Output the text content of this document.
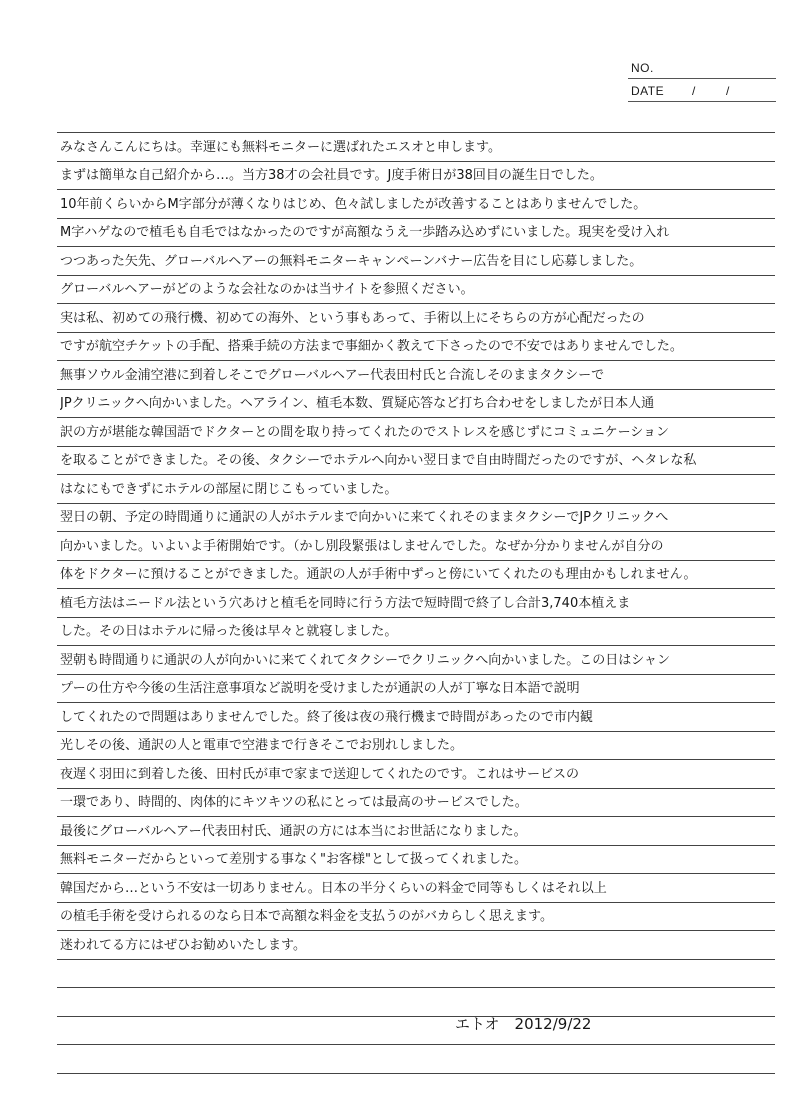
NO.
DATE /	/
みなさんこんにちは。幸運にも無料モニターに選ばれたエスオと申します。
まずは簡単な自己紹介から…。当方38才の会社員です。J度手術日が38回目の誕生日でした。
10年前くらいからM字部分が薄くなりはじめ、色々試しましたが改善することはありませんでした。
M字ハゲなので植毛も自毛ではなかったのですが高額なうえ一歩踏み込めずにいました。現実を受け入れ
つつあった矢先、グローバルヘアーの無料モニターキャンペーンバナー広告を目にし応募しました。
グローバルヘアーがどのような会社なのかは当サイトを参照ください。
実は私、初めての飛行機、初めての海外、という事もあって、手術以上にそちらの方が心配だったの
ですが航空チケットの手配、搭乗手続の方法まで事細かく教えて下さったので不安ではありませんでした。
無事ソウル金浦空港に到着しそこでグローバルヘアー代表田村氏と合流しそのままタクシーで
JPクリニックへ向かいました。ヘアライン、植毛本数、質疑応答など打ち合わせをしましたが日本人通
訳の方が堪能な韓国語でドクターとの間を取り持ってくれたのでストレスを感じずにコミュニケーション
を取ることができました。その後、タクシーでホテルへ向かい翌日まで自由時間だったのですが、ヘタレな私
はなにもできずにホテルの部屋に閉じこもっていました。
翌日の朝、予定の時間通りに通訳の人がホテルまで向かいに来てくれそのままタクシーでJPクリニックへ
向かいました。いよいよ手術開始です。（かし別段緊張はしませんでした。なぜか分かりませんが自分の
体をドクターに預けることができました。通訳の人が手術中ずっと傍にいてくれたのも理由かもしれません。
植毛方法はニードル法という穴あけと植毛を同時に行う方法で短時間で終了し合計3,740本植えま
した。その日はホテルに帰った後は早々と就寝しました。
翌朝も時間通りに通訳の人が向かいに来てくれてタクシーでクリニックへ向かいました。この日はシャン
プーの仕方や今後の生活注意事項など説明を受けましたが通訳の人が丁寧な日本語で説明
してくれたので問題はありませんでした。終了後は夜の飛行機まで時間があったので市内観
光しその後、通訳の人と電車で空港まで行きそこでお別れしました。
夜遅く羽田に到着した後、田村氏が車で家まで送迎してくれたのです。これはサービスの
一環であり、時間的、肉体的にキツキツの私にとっては最高のサービスでした。
最後にグローバルヘアー代表田村氏、通訳の方には本当にお世話になりました。
無料モニターだからといって差別する事なく"お客様"として扱ってくれました。
韓国だから…という不安は一切ありません。日本の半分くらいの料金で同等もしくはそれ以上
の植毛手術を受けられるのなら日本で高額な料金を支払うのがバカらしく思えます。
迷われてる方にはぜひお勧めいたします。
エトオ　2012/9/22
